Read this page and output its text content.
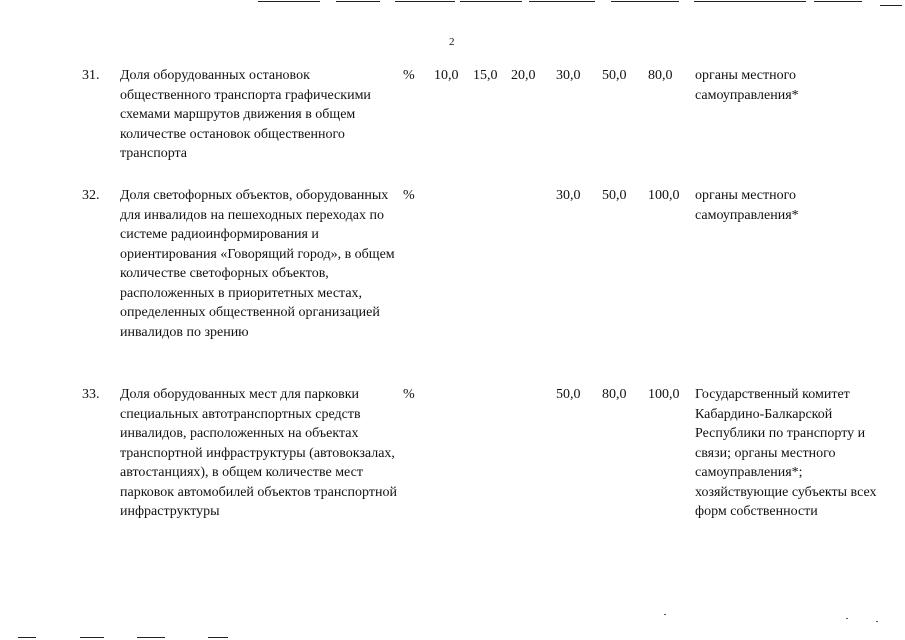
2
31. Доля оборудованных остановок общественного транспорта графическими схемами маршрутов движения в общем количестве остановок общественного транспорта
% 10,0 15,0 20,0 30,0 50,0 80,0 органы местного самоуправления*
32. Доля светофорных объектов, оборудованных для инвалидов на пешеходных переходах по системе радиоинформирования и ориентирования «Говорящий город», в общем количестве светофорных объектов, расположенных в приоритетных местах, определенных общественной организацией инвалидов по зрению
%	30,0 50,0 100,0 органы местного самоуправления*
33. Доля оборудованных мест для парковки специальных автотранспортных средств инвалидов, расположенных на объектах транспортной инфраструктуры (автовокзалах, автостанциях), в общем количестве мест парковок автомобилей объектов транспортной инфраструктуры
%	50,0 80,0 100,0 Государственный комитет Кабардино-Балкарской Республики по транспорту и связи; органы местного самоуправления*; хозяйствующие субъекты всех форм собственности
